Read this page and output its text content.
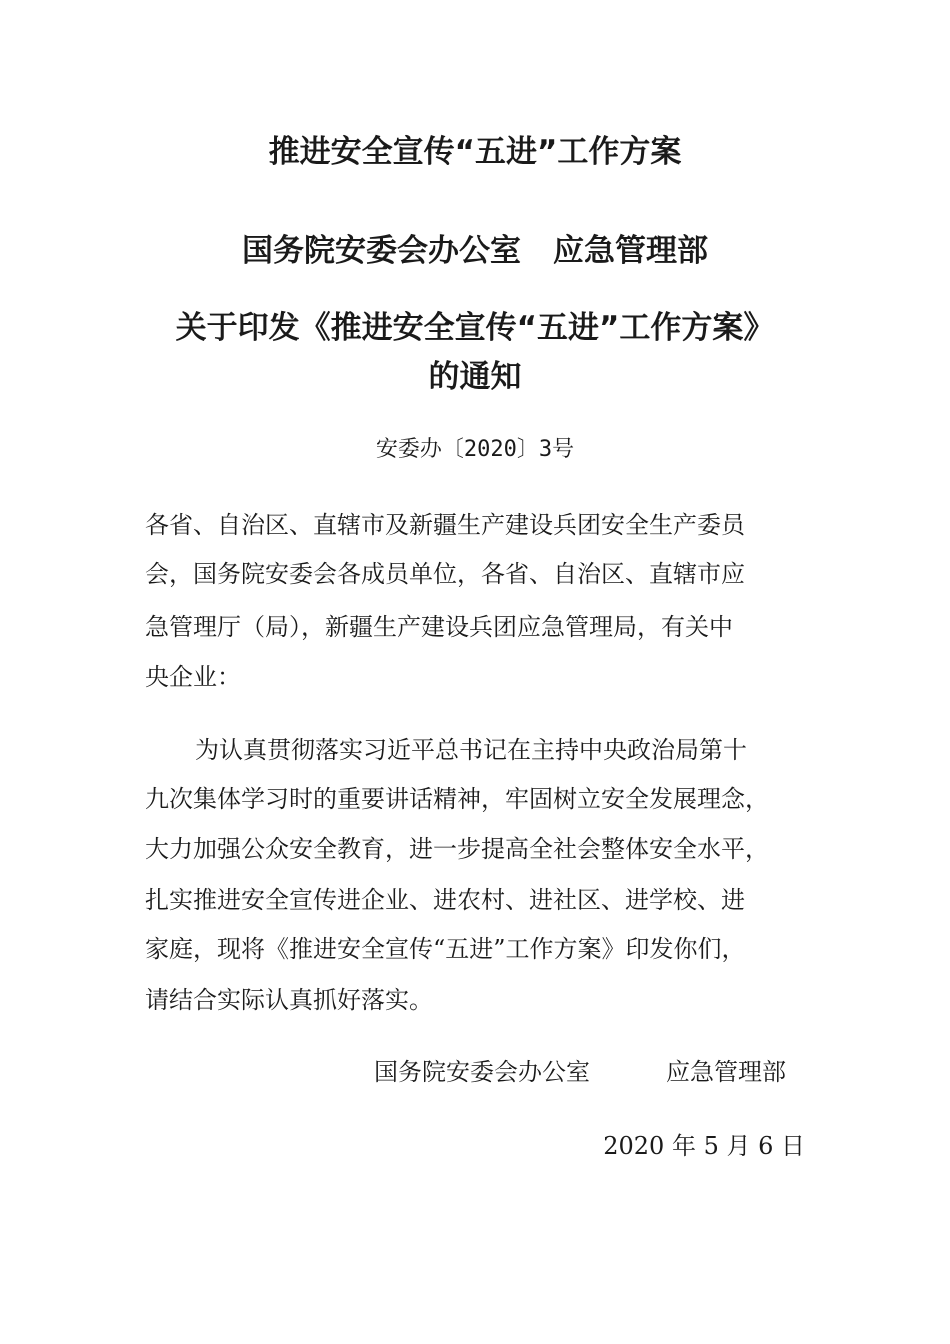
推进安全宣传“五进”工作方案
国务院安委会办公室 应急管理部
关于印发《推进安全宣传“五进”工作方案》
的通知
安委办〔2020〕3号

各省、自治区、直辖市及新疆生产建设兵团安全生产委员

会，国务院安委会各成员单位，各省、自治区、直辖市应

急管理厅（局），新疆生产建设兵团应急管理局，有关中

央企业：

为认真贯彻落实习近平总书记在主持中央政治局第十

九次集体学习时的重要讲话精神，牢固树立安全发展理念，

大力加强公众安全教育，进一步提高全社会整体安全水平，

扎实推进安全宣传进企业、进农村、进社区、进学校、进

家庭，现将《推进安全宣传“五进”工作方案》印发你们，

请结合实际认真抓好落实。

国务院安委会办公室	应急管理部
2020 年 5 月 6 日
